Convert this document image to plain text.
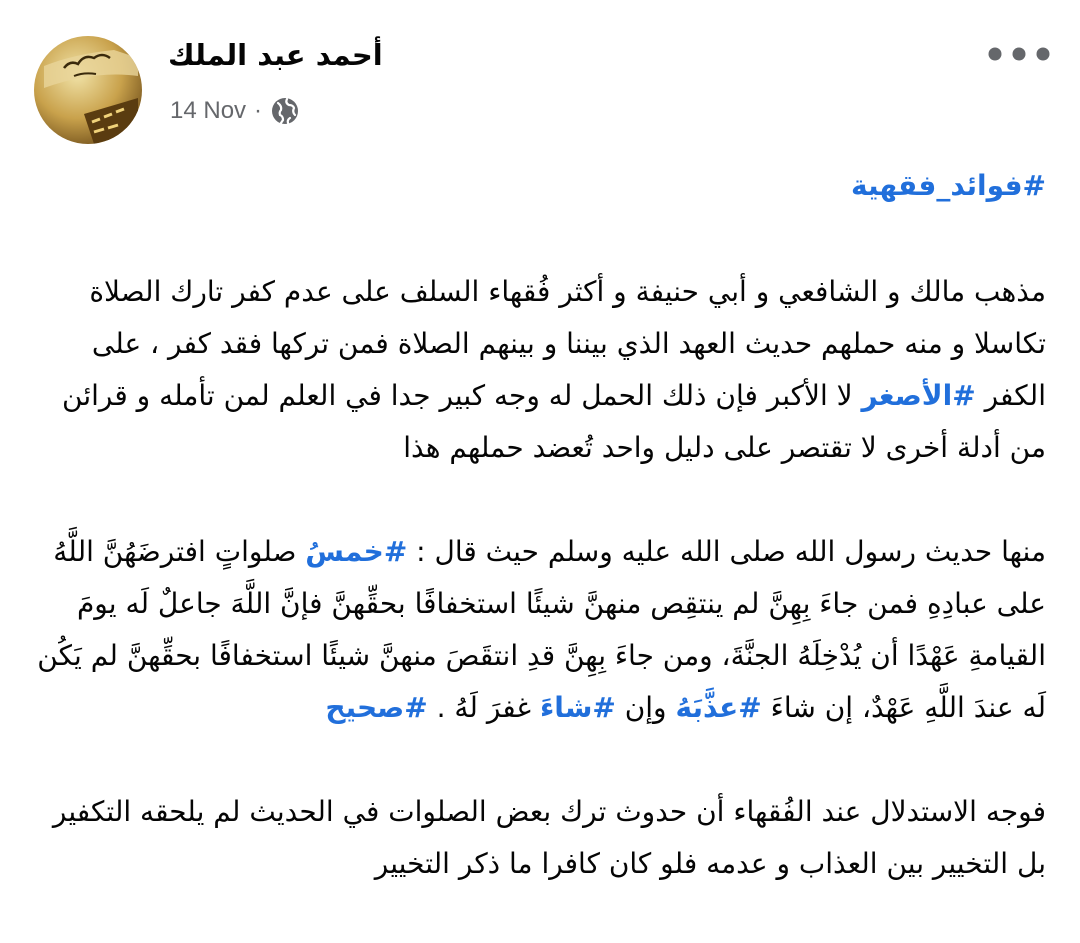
أحمد عبد الملك
14 Nov ·

#فوائد_فقهية

مذهب مالك و الشافعي و أبي حنيفة و أكثر فُقهاء السلف على عدم كفر تارك الصلاة تكاسلا و منه حملهم حديث العهد الذي بيننا و بينهم الصلاة فمن تركها فقد كفر ، على الكفر #الأصغر لا الأكبر فإن ذلك الحمل له وجه كبير جدا في العلم لمن تأمله و قرائن من أدلة أخرى لا تقتصر على دليل واحد تُعضد حملهم هذا

منها حديث رسول الله صلى الله عليه وسلم حيث قال : #خمسُ صلواتٍ افترضَهُنَّ اللَّهُ على عبادِهِ فمن جاءَ بِهِنَّ لم ينتقِص منهنَّ شيئًا استخفافًا بحقِّهنَّ فإنَّ اللَّهَ جاعلٌ لَه يومَ القيامةِ عَهْدًا أن يُدْخِلَهُ الجنَّةَ، ومن جاءَ بِهِنَّ قدِ انتقَصَ منهنَّ شيئًا استخفافًا بحقِّهنَّ لم يَكُن لَه عندَ اللَّهِ عَهْدٌ، إن شاءَ #عذَّبَهُ وإن #شاءَ غفرَ لَهُ . #صحيح

فوجه الاستدلال عند الفُقهاء أن حدوث ترك بعض الصلوات في الحديث لم يلحقه التكفير بل التخيير بين العذاب و عدمه فلو كان كافرا ما ذكر التخيير
